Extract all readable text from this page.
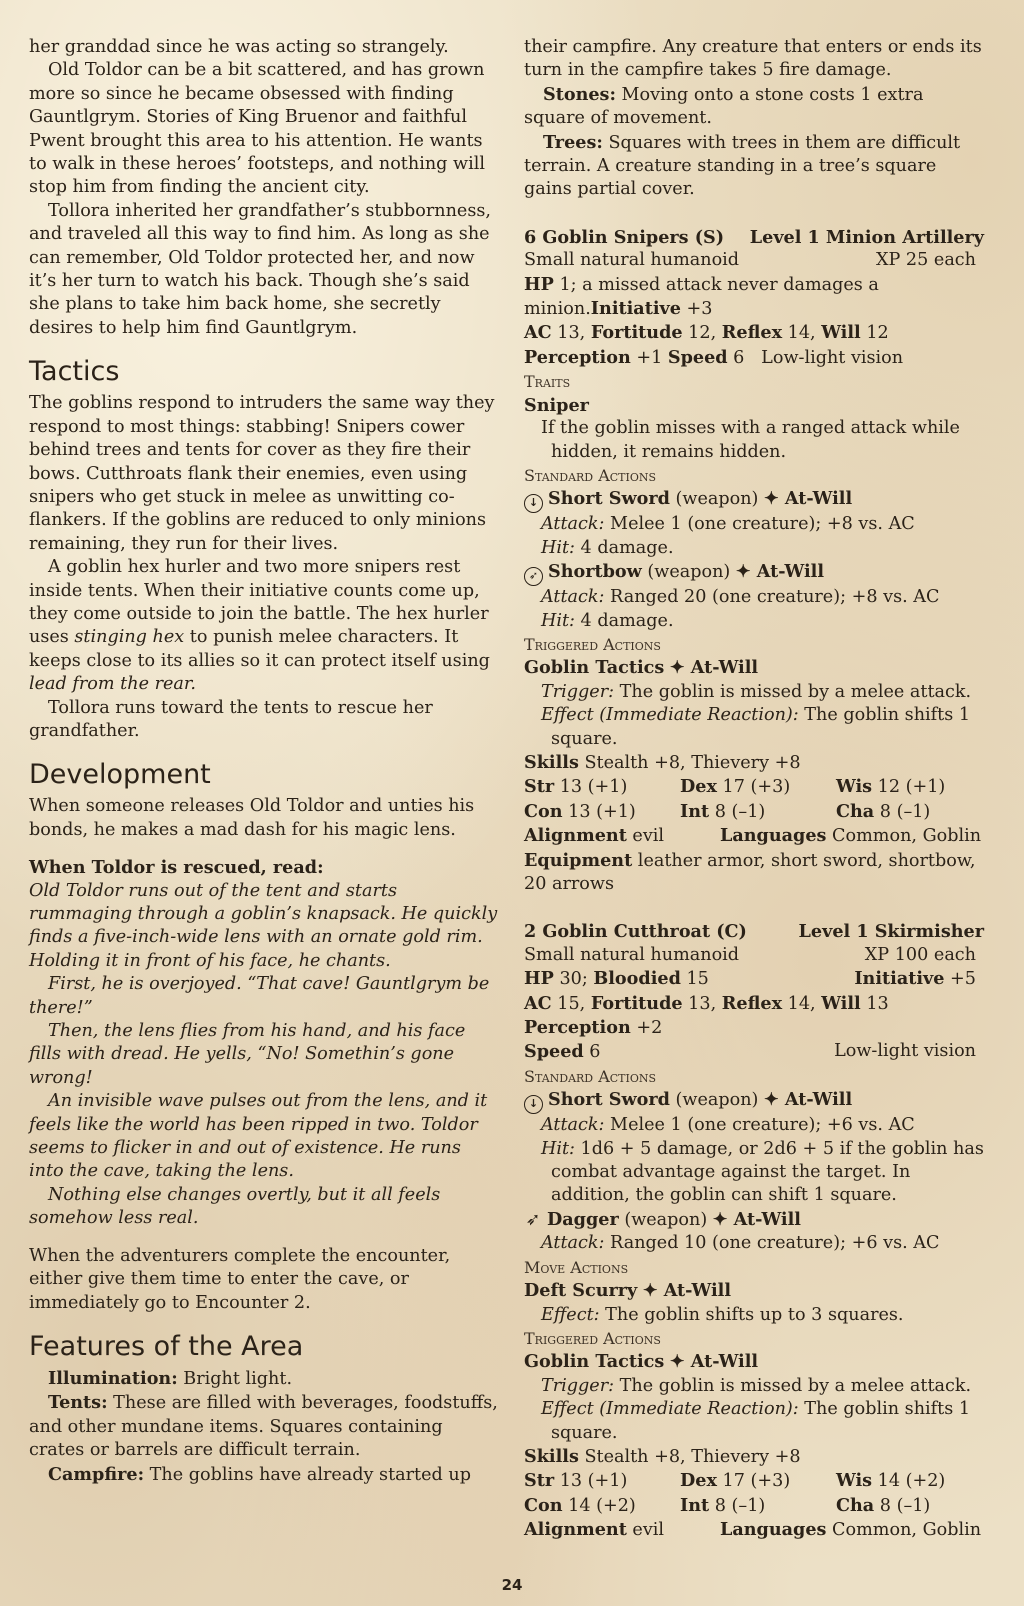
her granddad since he was acting so strangely.

Old Toldor can be a bit scattered, and has grown more so since he became obsessed with finding Gauntlgrym. Stories of King Bruenor and faithful Pwent brought this area to his attention. He wants to walk in these heroes’ footsteps, and nothing will stop him from finding the ancient city.

Tollora inherited her grandfather’s stubbornness, and traveled all this way to find him. As long as she can remember, Old Toldor protected her, and now it’s her turn to watch his back. Though she’s said she plans to take him back home, she secretly desires to help him find Gauntlgrym.

Tactics

The goblins respond to intruders the same way they respond to most things: stabbing! Snipers cower behind trees and tents for cover as they fire their bows. Cutthroats flank their enemies, even using snipers who get stuck in melee as unwitting co-flankers. If the goblins are reduced to only minions remaining, they run for their lives.

A goblin hex hurler and two more snipers rest inside tents. When their initiative counts come up, they come outside to join the battle. The hex hurler uses stinging hex to punish melee characters. It keeps close to its allies so it can protect itself using lead from the rear.

Tollora runs toward the tents to rescue her grandfather.

Development

When someone releases Old Toldor and unties his bonds, he makes a mad dash for his magic lens.

When Toldor is rescued, read:

Old Toldor runs out of the tent and starts rummaging through a goblin’s knapsack. He quickly finds a five-inch-wide lens with an ornate gold rim. Holding it in front of his face, he chants.

First, he is overjoyed. “That cave! Gauntlgrym be there!”

Then, the lens flies from his hand, and his face fills with dread. He yells, “No! Somethin’s gone wrong!

An invisible wave pulses out from the lens, and it feels like the world has been ripped in two. Toldor seems to flicker in and out of existence. He runs into the cave, taking the lens.

Nothing else changes overtly, but it all feels somehow less real.

When the adventurers complete the encounter, either give them time to enter the cave, or immediately go to Encounter 2.

Features of the Area

Illumination: Bright light.

Tents: These are filled with beverages, foodstuffs, and other mundane items. Squares containing crates or barrels are difficult terrain.

Campfire: The goblins have already started up

their campfire. Any creature that enters or ends its turn in the campfire takes 5 fire damage.

Stones: Moving onto a stone costs 1 extra square of movement.

Trees: Squares with trees in them are difficult terrain. A creature standing in a tree’s square gains partial cover.

6 Goblin Snipers (S) Level 1 Minion Artillery
Small natural humanoid	XP 25 each

HP 1; a missed attack never damages a minion.Initiative +3

AC 13, Fortitude 12, Reflex 14, Will 12

Perception +1 Speed 6 Low-light vision

Traits

Sniper

If the goblin misses with a ranged attack while hidden, it remains hidden.

Standard Actions

↓ Short Sword (weapon) ✦ At-Will

Attack: Melee 1 (one creature); +8 vs. AC

Hit: 4 damage.

➶ Shortbow (weapon) ✦ At-Will

Attack: Ranged 20 (one creature); +8 vs. AC

Hit: 4 damage.

Triggered Actions

Goblin Tactics ✦ At-Will

Trigger: The goblin is missed by a melee attack.

Effect (Immediate Reaction): The goblin shifts 1 square.

Skills Stealth +8, Thievery +8

Str 13 (+1)	Dex 17 (+3)	Wis 12 (+1)
Con 13 (+1)	Int 8 (–1)	Cha 8 (–1)
Alignment evil	Languages Common, Goblin

Equipment leather armor, short sword, shortbow, 20 arrows

2 Goblin Cutthroat (C)	Level 1 Skirmisher
Small natural humanoid	XP 100 each
HP 30; Bloodied 15	Initiative +5

AC 15, Fortitude 13, Reflex 14, Will 13

Perception +2

Speed 6	Low-light vision

Standard Actions

↓ Short Sword (weapon) ✦ At-Will

Attack: Melee 1 (one creature); +6 vs. AC

Hit: 1d6 + 5 damage, or 2d6 + 5 if the goblin has combat advantage against the target. In addition, the goblin can shift 1 square.

➶ Dagger (weapon) ✦ At-Will

Attack: Ranged 10 (one creature); +6 vs. AC

Move Actions

Deft Scurry ✦ At-Will

Effect: The goblin shifts up to 3 squares.

Triggered Actions

Goblin Tactics ✦ At-Will

Trigger: The goblin is missed by a melee attack.

Effect (Immediate Reaction): The goblin shifts 1 square.

Skills Stealth +8, Thievery +8

Str 13 (+1)	Dex 17 (+3)	Wis 14 (+2)
Con 14 (+2)	Int 8 (–1)	Cha 8 (–1)
Alignment evil	Languages Common, Goblin
24
